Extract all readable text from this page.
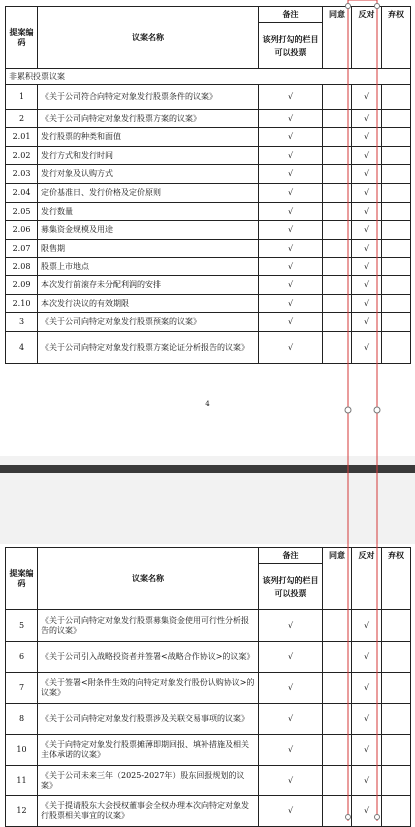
提案编码	议案名称	备注	同意	反对	弃权
		该列打勾的栏目可以投票			
非累积投票议案					
1	《关于公司符合向特定对象发行股票条件的议案》	√		√	
2	《关于公司向特定对象发行股票方案的议案》	√		√	
2.01	发行股票的种类和面值	√		√	
2.02	发行方式和发行时间	√		√	
2.03	发行对象及认购方式	√		√	
2.04	定价基准日、发行价格及定价原则	√		√	
2.05	发行数量	√		√	
2.06	募集资金规模及用途	√		√	
2.07	限售期	√		√	
2.08	股票上市地点	√		√	
2.09	本次发行前滚存未分配利润的安排	√		√	
2.10	本次发行决议的有效期限	√		√	
3	《关于公司向特定对象发行股票预案的议案》	√		√	
4	《关于公司向特定对象发行股票方案论证分析报告的议案》	√		√	
4
提案编码	议案名称	备注	同意	反对	弃权
		该列打勾的栏目可以投票			
5	《关于公司向特定对象发行股票募集资金使用可行性分析报告的议案》	√		√	
6	《关于公司引入战略投资者并签署<战略合作协议>的议案》	√		√	
7	《关于签署<附条件生效的向特定对象发行股份认购协议>的议案》	√		√	
8	《关于公司向特定对象发行股票涉及关联交易事项的议案》	√		√	
10	《关于向特定对象发行股票摊薄即期回报、填补措施及相关主体承诺的议案》	√		√	
11	《关于公司未来三年（2025-2027年）股东回报规划的议案》	√		√	
12	《关于提请股东大会授权董事会全权办理本次向特定对象发行股票相关事宜的议案》	√		√	
